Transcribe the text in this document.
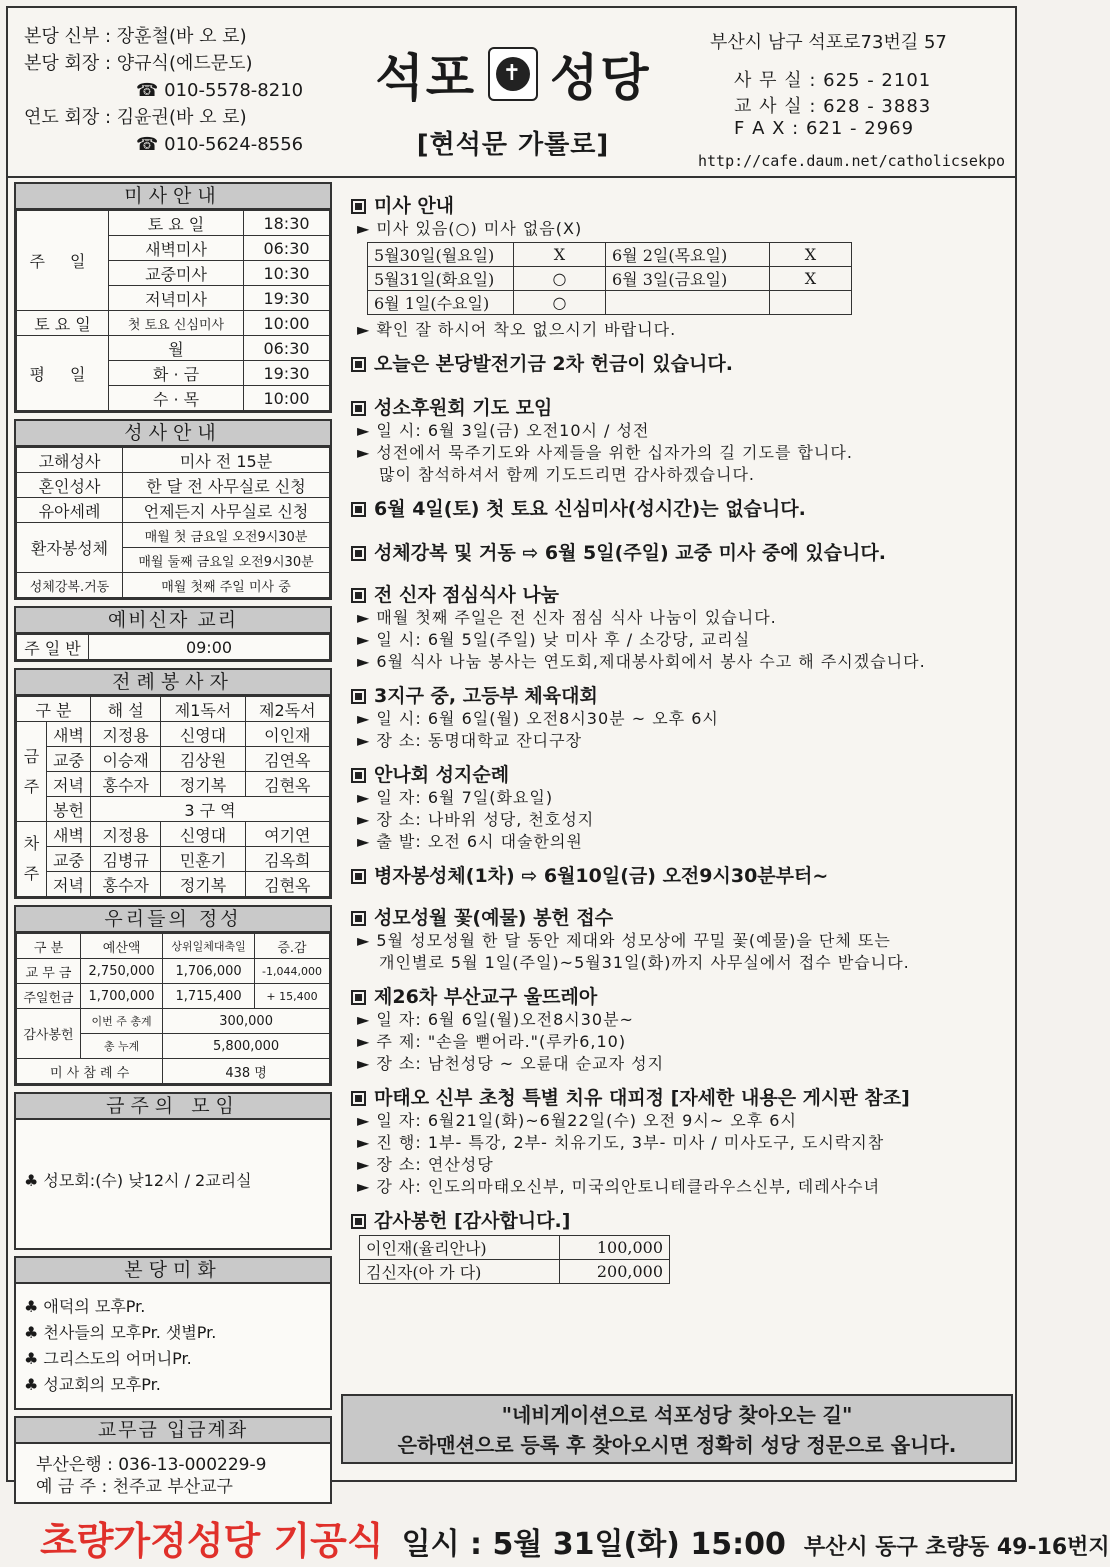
본당 신부 : 장훈철(바 오 로)
본당 회장 : 양규식(에드문도)
☎ 010-5578-8210
연도 회장 : 김윤권(바 오 로)
☎ 010-5624-8556
석포	✝ 성당
[현석문 가롤로]
부산시 남구 석포로73번길 57
사 무 실 : 625 - 2101
교 사 실 : 628 - 3883
F A X : 621 - 2969
http://cafe.daum.net/catholicsekpo
미사안내
주 일	토 요 일	18:30
	새벽미사	06:30
	교중미사	10:30
	저녁미사	19:30
토 요 일	첫 토요 신심미사	10:00
평 일	월	06:30
	화 · 금	19:30
	수 · 목	10:00
성사안내
고해성사	미사 전 15분
혼인성사	한 달 전 사무실로 신청
유아세례	언제든지 사무실로 신청
환자봉성체	매월 첫 금요일 오전9시30분
	매월 둘째 금요일 오전9시30분
성체강복.거동	매월 첫째 주일 미사 중
예비신자 교리
주 일 반	09:00
전례봉사자
구 분		해 설	제1독서	제2독서
금 주	새벽	지정용	신영대	이인재
	교중	이승재	김상원	김연옥
	저녁	홍수자	정기복	김현옥
	봉헌	3 구 역		
차 주	새벽	지정용	신영대	여기연
	교중	김병규	민훈기	김옥희
	저녁	홍수자	정기복	김현옥
우리들의 정성
구 분	예산액	상위일체대축일	증.감
교 무 금	2,750,000	1,706,000	-1,044,000
주일헌금	1,700,000	1,715,400	+ 15,400
감사봉헌	이번 주 총계	300,000	
	총 누계	5,800,000	
미 사 참 례 수		438 명	
금주의 모임
♣ 성모회:(수) 낮12시 / 2교리실
본당미화
♣ 애덕의 모후Pr.
♣ 천사들의 모후Pr. 샛별Pr.
♣ 그리스도의 어머니Pr.
♣ 성교회의 모후Pr.
교무금 입금계좌
부산은행 : 036-13-000229-9
예 금 주 : 천주교 부산교구
미사 안내
► 미사 있음(○) 미사 없음(X)
5월30일(월요일)	X	6월 2일(목요일)	X
5월31일(화요일)	○	6월 3일(금요일)	X
6월 1일(수요일)	○		
► 확인 잘 하시어 착오 없으시기 바랍니다.
오늘은 본당발전기금 2차 헌금이 있습니다.
성소후원회 기도 모임
► 일 시: 6월 3일(금) 오전10시 / 성전
► 성전에서 묵주기도와 사제들을 위한 십자가의 길 기도를 합니다.
많이 참석하셔서 함께 기도드리면 감사하겠습니다.
6월 4일(토) 첫 토요 신심미사(성시간)는 없습니다.
성체강복 및 거동 ⇨ 6월 5일(주일) 교중 미사 중에 있습니다.
전 신자 점심식사 나눔
► 매월 첫째 주일은 전 신자 점심 식사 나눔이 있습니다.
► 일 시: 6월 5일(주일) 낮 미사 후 / 소강당, 교리실
► 6월 식사 나눔 봉사는 연도회,제대봉사회에서 봉사 수고 해 주시겠습니다.
3지구 중, 고등부 체육대회
► 일 시: 6월 6일(월) 오전8시30분 ~ 오후 6시
► 장 소: 동명대학교 잔디구장
안나회 성지순례
► 일 자: 6월 7일(화요일)
► 장 소: 나바위 성당, 천호성지
► 출 발: 오전 6시 대술한의원
병자봉성체(1차) ⇨ 6월10일(금) 오전9시30분부터~
성모성월 꽃(예물) 봉헌 접수
► 5월 성모성월 한 달 동안 제대와 성모상에 꾸밀 꽃(예물)을 단체 또는
개인별로 5월 1일(주일)~5월31일(화)까지 사무실에서 접수 받습니다.
제26차 부산교구 울뜨레아
► 일 자: 6월 6일(월)오전8시30분~
► 주 제: "손을 뻗어라."(루카6,10)
► 장 소: 남천성당 ~ 오륜대 순교자 성지
마태오 신부 초청 특별 치유 대피정 [자세한 내용은 게시판 참조]
► 일 자: 6월21일(화)~6월22일(수) 오전 9시~ 오후 6시
► 진 행: 1부- 특강, 2부- 치유기도, 3부- 미사 / 미사도구, 도시락지참
► 장 소: 연산성당
► 강 사: 인도의마태오신부, 미국의안토니테클라우스신부, 데레사수녀
감사봉헌 [감사합니다.]
이인재(율리안나)	100,000
김신자(아 가 다)	200,000
"네비게이션으로 석포성당 찾아오는 길"
은하맨션으로 등록 후 찾아오시면 정확히 성당 정문으로 옵니다.
초량가정성당 기공식 일시 : 5월 31일(화) 15:00 부산시 동구 초량동 49-16번지
